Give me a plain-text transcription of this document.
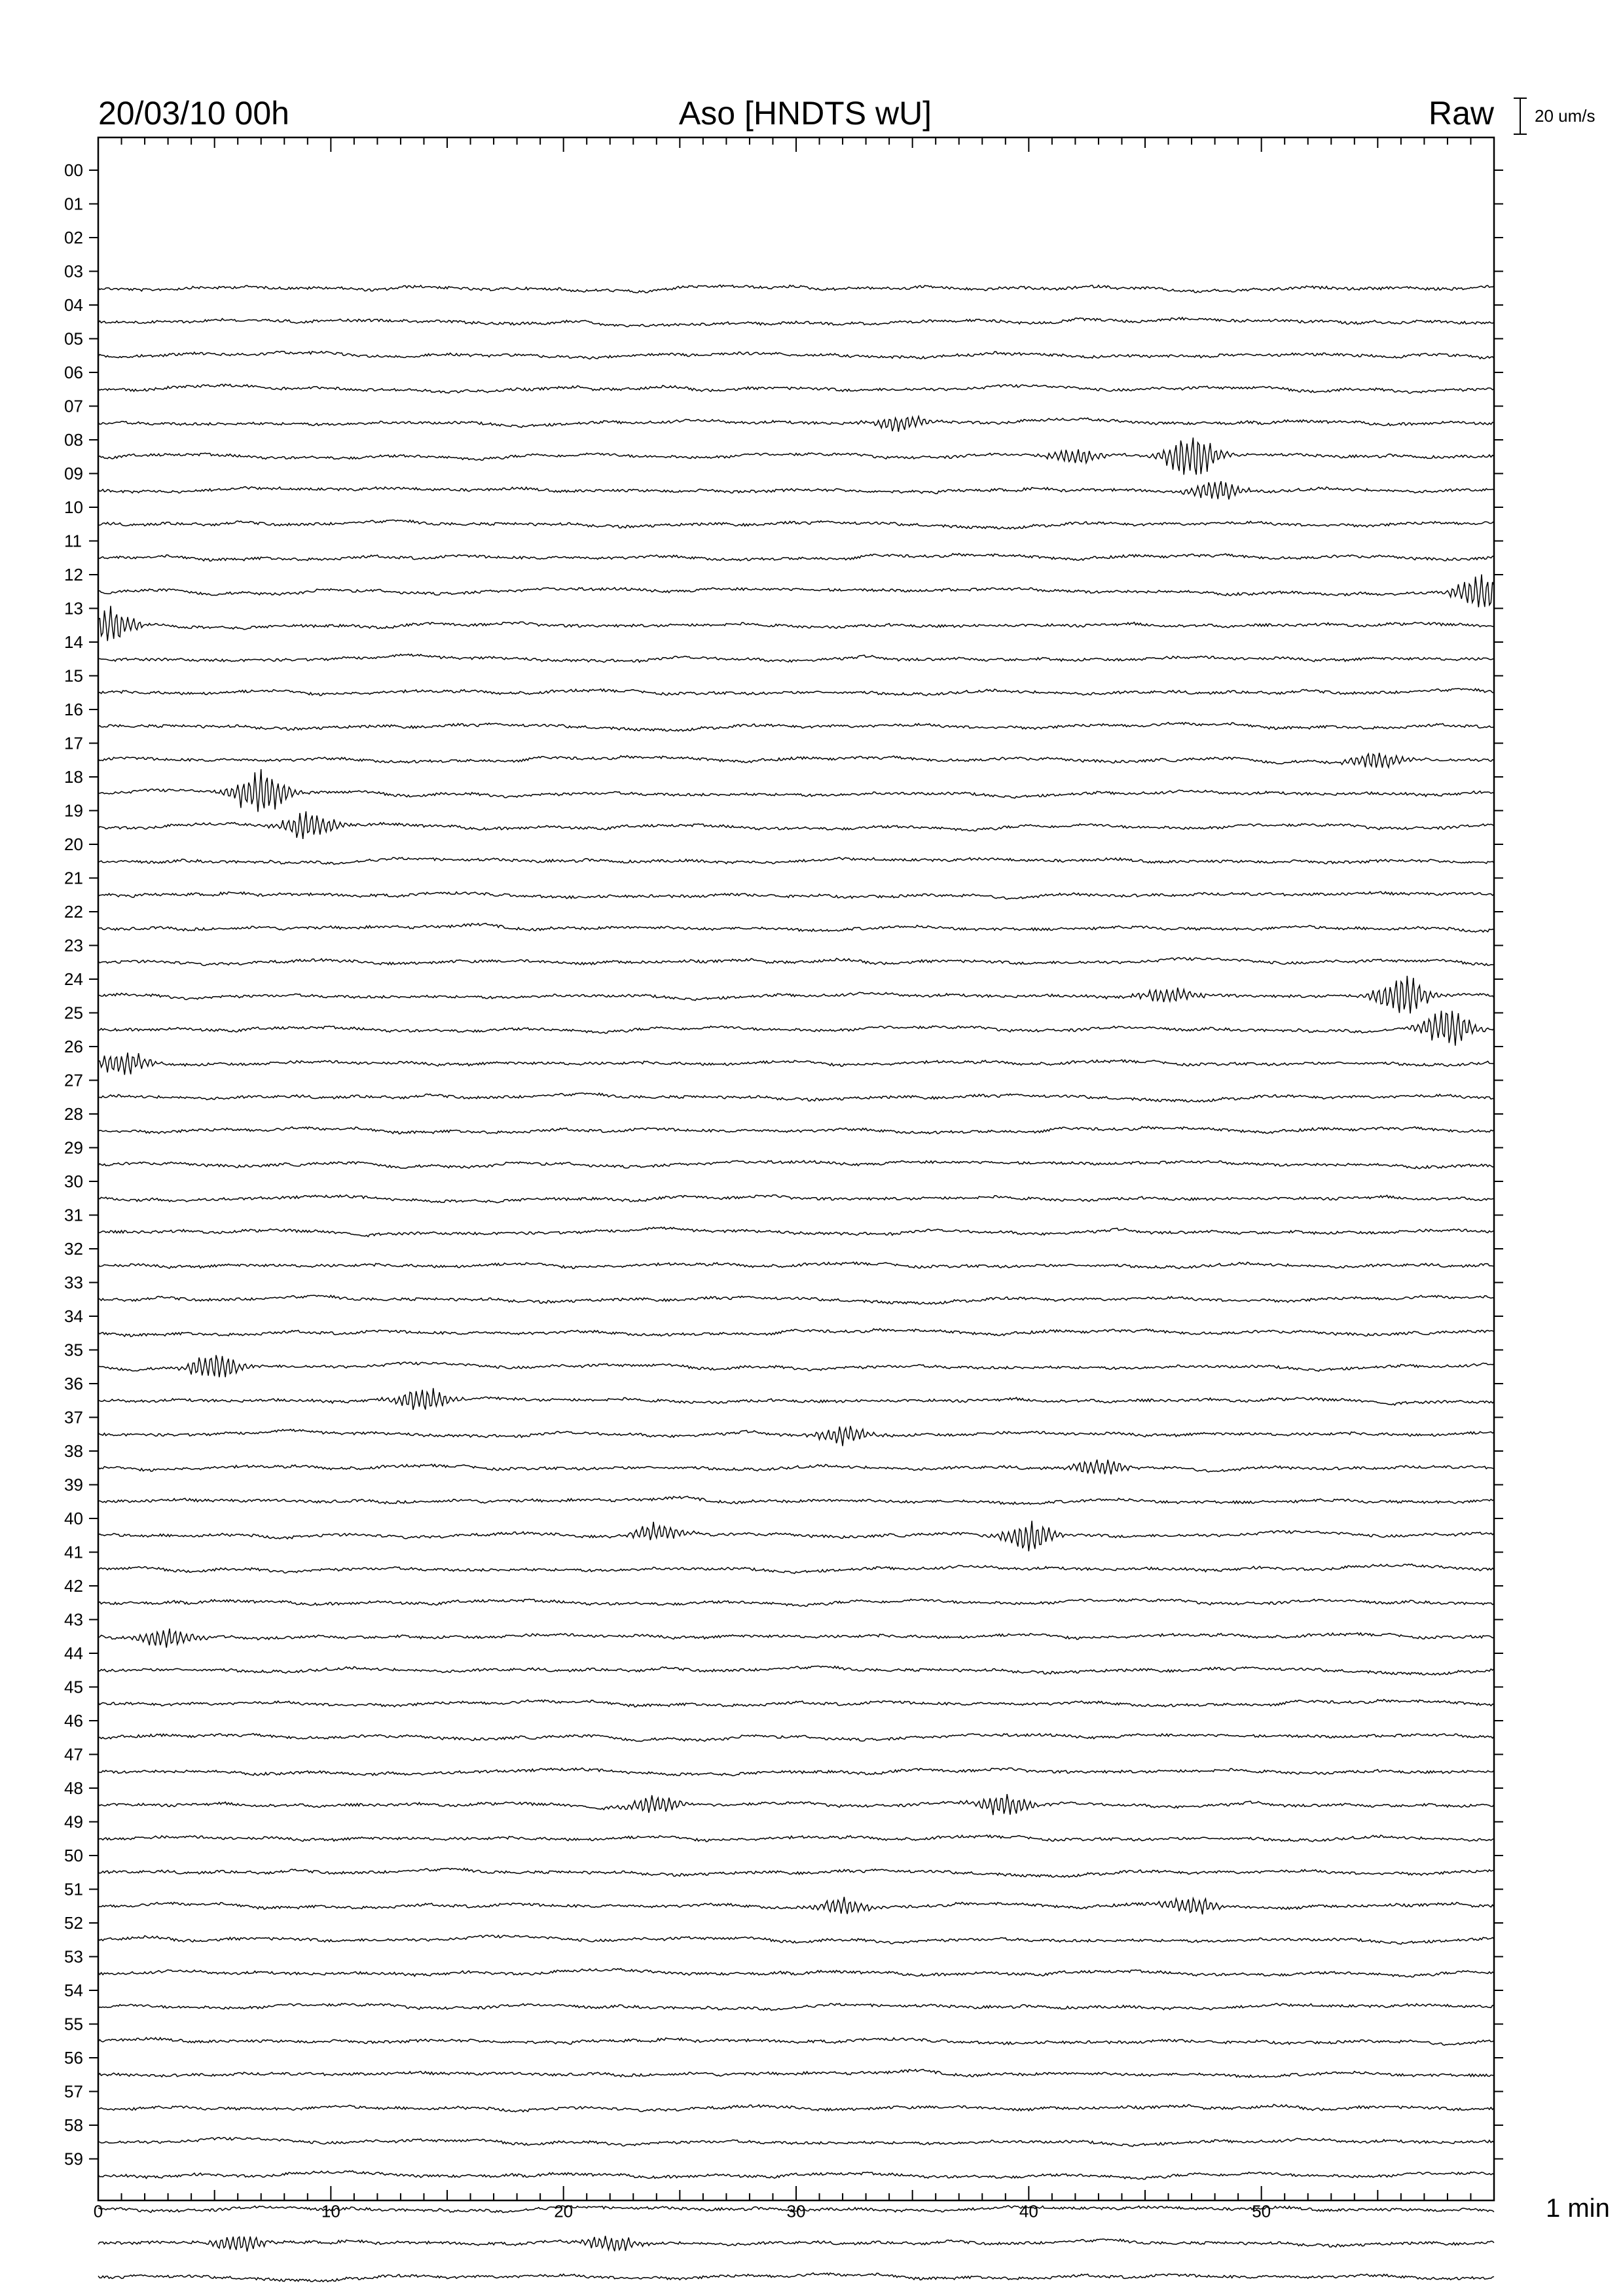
20/03/10 00h	Aso [HNDTS wU]	Raw 20 um/s
1 min
0	10	20	30	40	50
00
01
02
03
04
05
06
07
08
09
10
11
12
13
14
15
16
17
18
19
20
21
22
23
24
25
26
27
28
29
30
31
32
33
34
35
36
37
38
39
40
41
42
43
44
45
46
47
48
49
50
51
52
53
54
55
56
57
58
59
